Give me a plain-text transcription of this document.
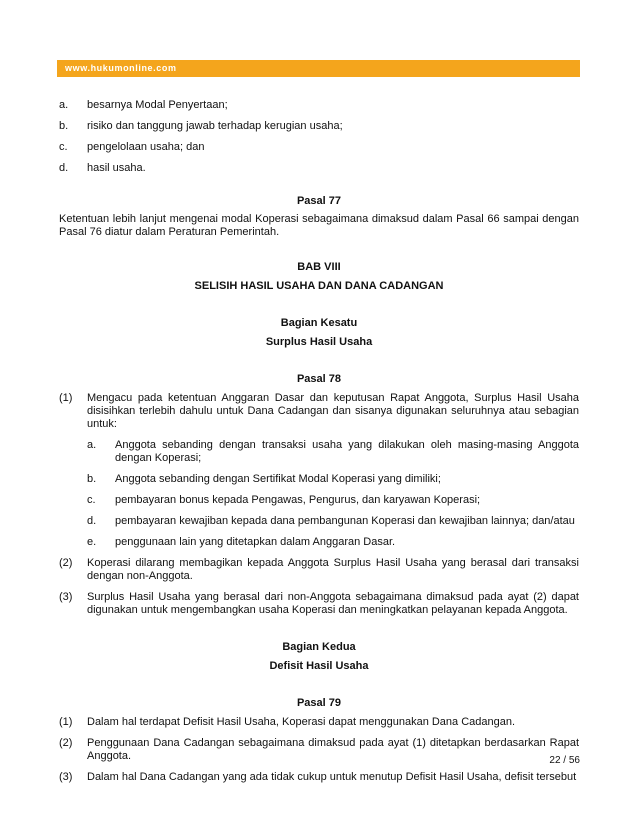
www.hukumonline.com
a.	besarnya Modal Penyertaan;
b.	risiko dan tanggung jawab terhadap kerugian usaha;
c.	pengelolaan usaha; dan
d.	hasil usaha.
Pasal 77
Ketentuan lebih lanjut mengenai modal Koperasi sebagaimana dimaksud dalam Pasal 66 sampai dengan Pasal 76 diatur dalam Peraturan Pemerintah.
BAB VIII
SELISIH HASIL USAHA DAN DANA CADANGAN
Bagian Kesatu
Surplus Hasil Usaha
Pasal 78
(1)	Mengacu pada ketentuan Anggaran Dasar dan keputusan Rapat Anggota, Surplus Hasil Usaha disisihkan terlebih dahulu untuk Dana Cadangan dan sisanya digunakan seluruhnya atau sebagian untuk:
a.	Anggota sebanding dengan transaksi usaha yang dilakukan oleh masing-masing Anggota dengan Koperasi;
b.	Anggota sebanding dengan Sertifikat Modal Koperasi yang dimiliki;
c.	pembayaran bonus kepada Pengawas, Pengurus, dan karyawan Koperasi;
d.	pembayaran kewajiban kepada dana pembangunan Koperasi dan kewajiban lainnya; dan/atau
e.	penggunaan lain yang ditetapkan dalam Anggaran Dasar.
(2)	Koperasi dilarang membagikan kepada Anggota Surplus Hasil Usaha yang berasal dari transaksi dengan non-Anggota.
(3)	Surplus Hasil Usaha yang berasal dari non-Anggota sebagaimana dimaksud pada ayat (2) dapat digunakan untuk mengembangkan usaha Koperasi dan meningkatkan pelayanan kepada Anggota.
Bagian Kedua
Defisit Hasil Usaha
Pasal 79
(1)	Dalam hal terdapat Defisit Hasil Usaha, Koperasi dapat menggunakan Dana Cadangan.
(2)	Penggunaan Dana Cadangan sebagaimana dimaksud pada ayat (1) ditetapkan berdasarkan Rapat Anggota.
(3)	Dalam hal Dana Cadangan yang ada tidak cukup untuk menutup Defisit Hasil Usaha, defisit tersebut
22 / 56
